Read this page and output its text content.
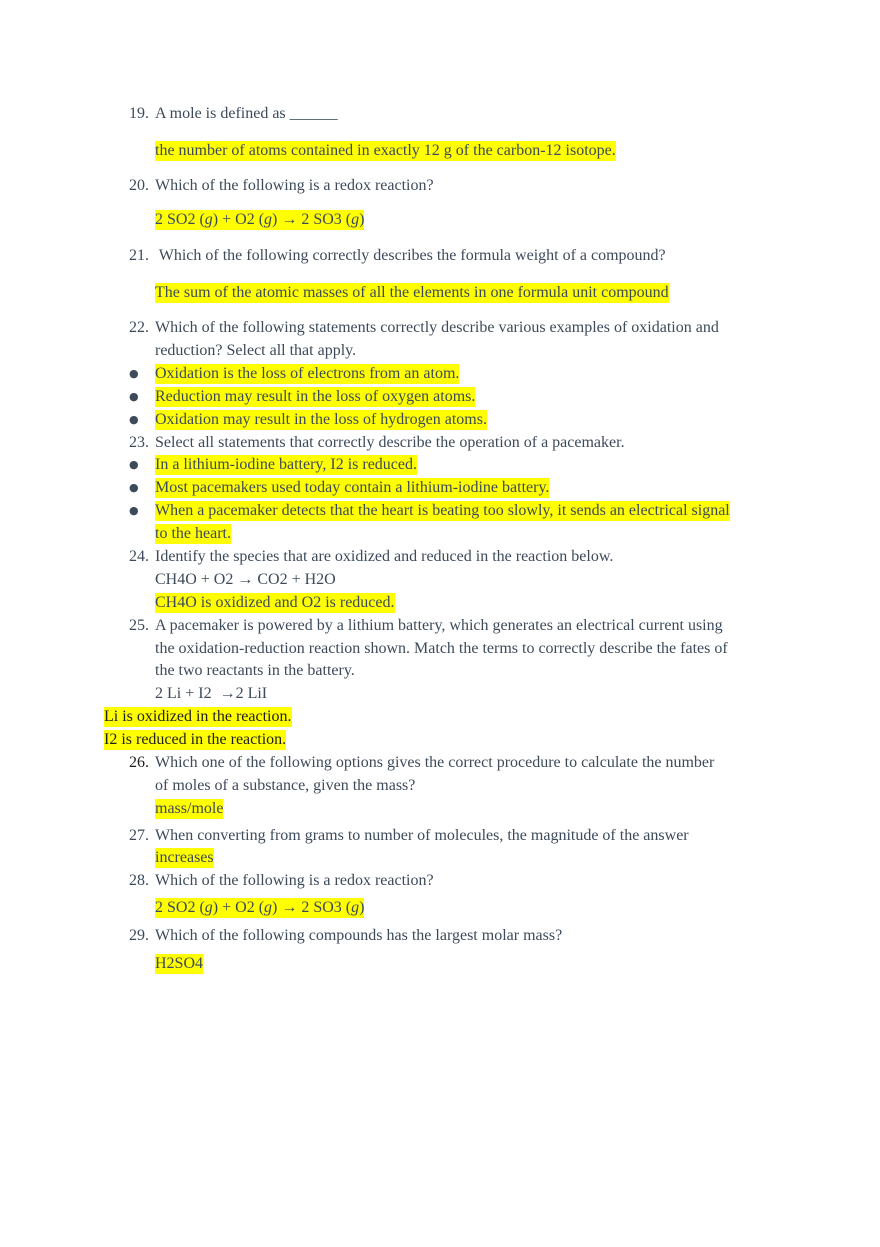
19. A mole is defined as ______
the number of atoms contained in exactly 12 g of the carbon-12 isotope.
20. Which of the following is a redox reaction?
2 SO2 (g) + O2 (g) → 2 SO3 (g)
21. Which of the following correctly describes the formula weight of a compound?
The sum of the atomic masses of all the elements in one formula unit compound
22. Which of the following statements correctly describe various examples of oxidation and
reduction? Select all that apply.
● Oxidation is the loss of electrons from an atom.
● Reduction may result in the loss of oxygen atoms.
● Oxidation may result in the loss of hydrogen atoms.
23. Select all statements that correctly describe the operation of a pacemaker.
● In a lithium-iodine battery, I2 is reduced.
● Most pacemakers used today contain a lithium-iodine battery.
● When a pacemaker detects that the heart is beating too slowly, it sends an electrical signal
to the heart.
24. Identify the species that are oxidized and reduced in the reaction below.
CH4O + O2 → CO2 + H2O
CH4O is oxidized and O2 is reduced.
25. A pacemaker is powered by a lithium battery, which generates an electrical current using
the oxidation-reduction reaction shown. Match the terms to correctly describe the fates of
the two reactants in the battery.
2 Li + I2  →2 LiI
Li is oxidized in the reaction.
I2 is reduced in the reaction.
26. Which one of the following options gives the correct procedure to calculate the number
of moles of a substance, given the mass?
mass/mole
27. When converting from grams to number of molecules, the magnitude of the answer
increases
28. Which of the following is a redox reaction?
2 SO2 (g) + O2 (g) → 2 SO3 (g)
29. Which of the following compounds has the largest molar mass?
H2SO4
